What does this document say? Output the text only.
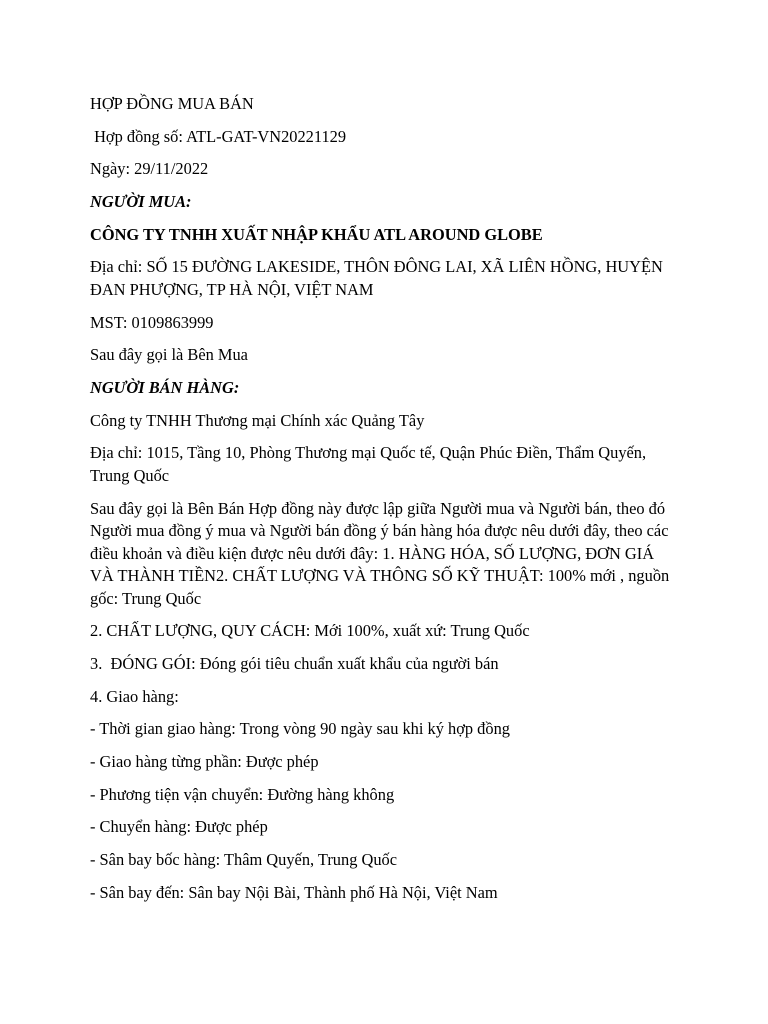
HỢP ĐỒNG MUA BÁN

Hợp đồng số: ATL-GAT-VN20221129

Ngày: 29/11/2022

NGƯỜI MUA:

CÔNG TY TNHH XUẤT NHẬP KHẨU ATL AROUND GLOBE

Địa chỉ: SỐ 15 ĐƯỜNG LAKESIDE, THÔN ĐÔNG LAI, XÃ LIÊN HỒNG, HUYỆN ĐAN PHƯỢNG, TP HÀ NỘI, VIỆT NAM

MST: 0109863999

Sau đây gọi là Bên Mua

NGƯỜI BÁN HÀNG:

Công ty TNHH Thương mại Chính xác Quảng Tây

Địa chỉ: 1015, Tầng 10, Phòng Thương mại Quốc tế, Quận Phúc Điền, Thẩm Quyến, Trung Quốc

Sau đây gọi là Bên Bán Hợp đồng này được lập giữa Người mua và Người bán, theo đó Người mua đồng ý mua và Người bán đồng ý bán hàng hóa được nêu dưới đây, theo các điều khoản và điều kiện được nêu dưới đây: 1. HÀNG HÓA, SỐ LƯỢNG, ĐƠN GIÁ VÀ THÀNH TIỀN2. CHẤT LƯỢNG VÀ THÔNG SỐ KỸ THUẬT: 100% mới , nguồn gốc: Trung Quốc

2. CHẤT LƯỢNG, QUY CÁCH: Mới 100%, xuất xứ: Trung Quốc

3.  ĐÓNG GÓI: Đóng gói tiêu chuẩn xuất khẩu của người bán

4. Giao hàng:

- Thời gian giao hàng: Trong vòng 90 ngày sau khi ký hợp đồng

- Giao hàng từng phần: Được phép

- Phương tiện vận chuyển: Đường hàng không

- Chuyển hàng: Được phép

- Sân bay bốc hàng: Thâm Quyến, Trung Quốc

- Sân bay đến: Sân bay Nội Bài, Thành phố Hà Nội, Việt Nam
